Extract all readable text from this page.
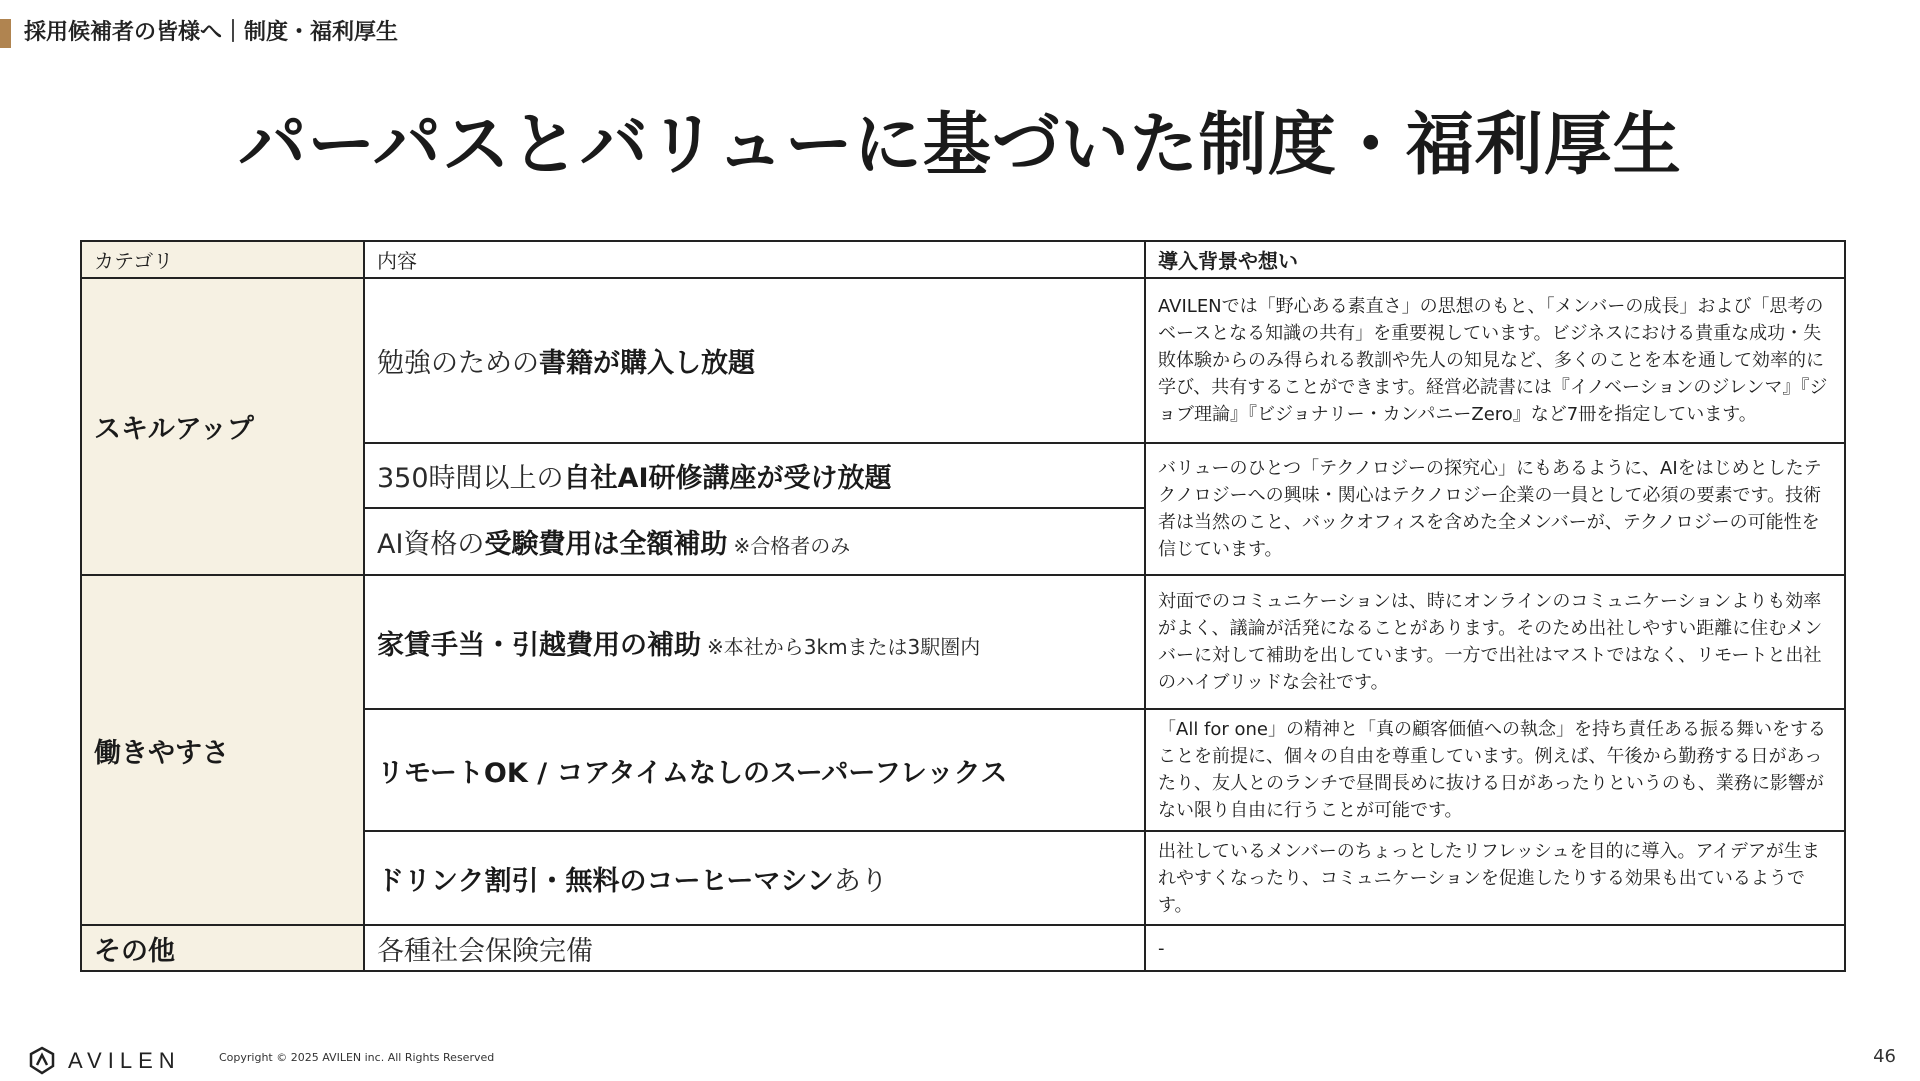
採用候補者の皆様へ｜制度・福利厚生
パーパスとバリューに基づいた制度・福利厚生
カテゴリ	内容	導入背景や想い
スキルアップ	勉強のための書籍が購入し放題	AVILENでは「野心ある素直さ」の思想のもと、「メンバーの成長」および「思考のベースとなる知識の共有」を重要視しています。ビジネスにおける貴重な成功・失敗体験からのみ得られる教訓や先人の知見など、多くのことを本を通して効率的に学び、共有することができます。経営必読書には『イノベーションのジレンマ』『ジョブ理論』『ビジョナリー・カンパニーZero』など7冊を指定しています。
	350時間以上の自社AI研修講座が受け放題	バリューのひとつ「テクノロジーの探究心」にもあるように、AIをはじめとしたテクノロジーへの興味・関心はテクノロジー企業の一員として必須の要素です。技術者は当然のこと、バックオフィスを含めた全メンバーが、テクノロジーの可能性を信じています。
	AI資格の受験費用は全額補助 ※合格者のみ	
働きやすさ	家賃手当・引越費用の補助 ※本社から3kmまたは3駅圏内	対面でのコミュニケーションは、時にオンラインのコミュニケーションよりも効率がよく、議論が活発になることがあります。そのため出社しやすい距離に住むメンバーに対して補助を出しています。一方で出社はマストではなく、リモートと出社のハイブリッドな会社です。
	リモートOK / コアタイムなしのスーパーフレックス	「All for one」の精神と「真の顧客価値への執念」を持ち責任ある振る舞いをすることを前提に、個々の自由を尊重しています。例えば、午後から勤務する日があったり、友人とのランチで昼間長めに抜ける日があったりというのも、業務に影響がない限り自由に行うことが可能です。
	ドリンク割引・無料のコーヒーマシンあり	出社しているメンバーのちょっとしたリフレッシュを目的に導入。アイデアが生まれやすくなったり、コミュニケーションを促進したりする効果も出ているようです。
その他	各種社会保険完備	-
AVILEN	Copyright © 2025 AVILEN inc. All Rights Reserved	46
